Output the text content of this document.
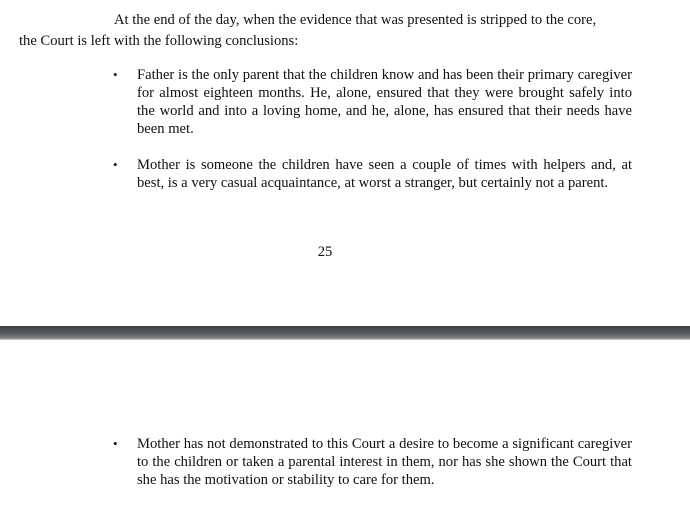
At the end of the day, when the evidence that was presented is stripped to the core,
the Court is left with the following conclusions:
• Father is the only parent that the children know and has been their primary caregiver for almost eighteen months. He, alone, ensured that they were brought safely into the world and into a loving home, and he, alone, has ensured that their needs have been met.
• Mother is someone the children have seen a couple of times with helpers and, at best, is a very casual acquaintance, at worst a stranger, but certainly not a parent.
25
• Mother has not demonstrated to this Court a desire to become a significant caregiver to the children or taken a parental interest in them, nor has she shown the Court that she has the motivation or stability to care for them.
